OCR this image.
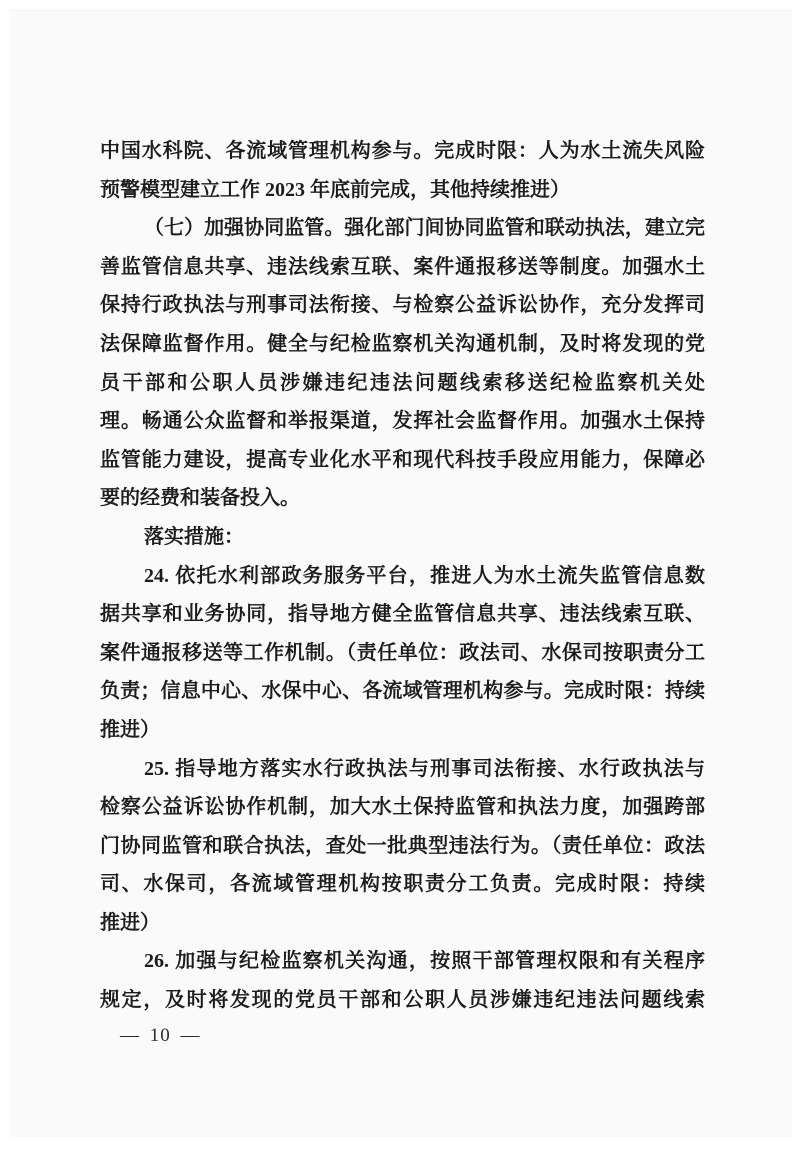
中国水科院、各流域管理机构参与。完成时限：人为水土流失风险
预警模型建立工作 2023 年底前完成，其他持续推进）
（七）加强协同监管。强化部门间协同监管和联动执法，建立完
善监管信息共享、违法线索互联、案件通报移送等制度。加强水土
保持行政执法与刑事司法衔接、与检察公益诉讼协作，充分发挥司
法保障监督作用。健全与纪检监察机关沟通机制，及时将发现的党
员干部和公职人员涉嫌违纪违法问题线索移送纪检监察机关处
理。畅通公众监督和举报渠道，发挥社会监督作用。加强水土保持
监管能力建设，提高专业化水平和现代科技手段应用能力，保障必
要的经费和装备投入。
落实措施：
24. 依托水利部政务服务平台，推进人为水土流失监管信息数
据共享和业务协同，指导地方健全监管信息共享、违法线索互联、
案件通报移送等工作机制。（责任单位：政法司、水保司按职责分工
负责；信息中心、水保中心、各流域管理机构参与。完成时限：持续
推进）
25. 指导地方落实水行政执法与刑事司法衔接、水行政执法与
检察公益诉讼协作机制，加大水土保持监管和执法力度，加强跨部
门协同监管和联合执法，查处一批典型违法行为。（责任单位：政法
司、水保司，各流域管理机构按职责分工负责。完成时限：持续
推进）
26. 加强与纪检监察机关沟通，按照干部管理权限和有关程序
规定，及时将发现的党员干部和公职人员涉嫌违纪违法问题线索
— 10 —
